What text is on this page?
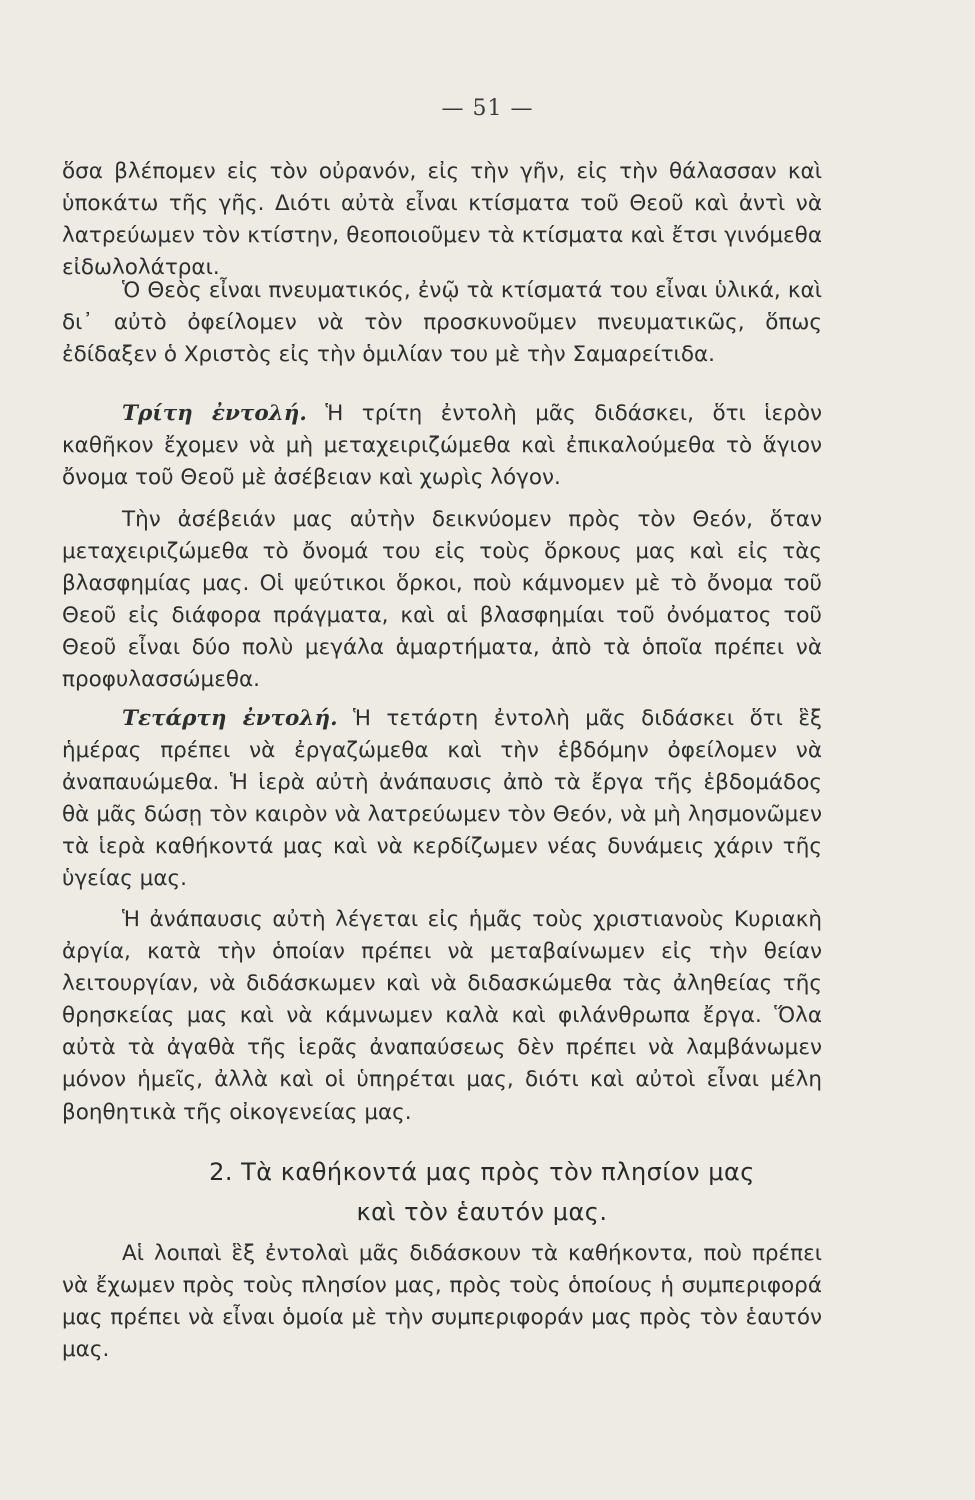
— 51 —

ὅσα βλέπομεν εἰς τὸν οὐρανόν, εἰς τὴν γῆν, εἰς τὴν θάλασσαν καὶ ὑποκάτω τῆς γῆς. Διότι αὐτὰ εἶναι κτίσματα τοῦ Θεοῦ καὶ ἀντὶ νὰ λατρεύωμεν τὸν κτίστην, θεοποιοῦμεν τὰ κτίσματα καὶ ἔτσι γινόμεθα εἰδωλολάτραι.

Ὁ Θεὸς εἶναι πνευματικός, ἐνῷ τὰ κτίσματά του εἶναι ὑλικά, καὶ δι᾽ αὐτὸ ὀφείλομεν νὰ τὸν προσκυνοῦμεν πνευματικῶς, ὅπως ἐδίδαξεν ὁ Χριστὸς εἰς τὴν ὁμιλίαν του μὲ τὴν Σαμαρείτιδα.

Τρίτη ἐντολή. Ἡ τρίτη ἐντολὴ μᾶς διδάσκει, ὅτι ἱερὸν καθῆκον ἔχομεν νὰ μὴ μεταχειριζώμεθα καὶ ἐπικαλούμεθα τὸ ἅγιον ὄνομα τοῦ Θεοῦ μὲ ἀσέβειαν καὶ χωρὶς λόγον.

Τὴν ἀσέβειάν μας αὐτὴν δεικνύομεν πρὸς τὸν Θεόν, ὅταν μεταχειριζώμεθα τὸ ὄνομά του εἰς τοὺς ὅρκους μας καὶ εἰς τὰς βλασφημίας μας. Οἱ ψεύτικοι ὅρκοι, ποὺ κάμνομεν μὲ τὸ ὄνομα τοῦ Θεοῦ εἰς διάφορα πράγματα, καὶ αἱ βλασφημίαι τοῦ ὀνόματος τοῦ Θεοῦ εἶναι δύο πολὺ μεγάλα ἁμαρτήματα, ἀπὸ τὰ ὁποῖα πρέπει νὰ προφυλασσώμεθα.

Τετάρτη ἐντολή. Ἡ τετάρτη ἐντολὴ μᾶς διδάσκει ὅτι ἓξ ἡμέρας πρέπει νὰ ἐργαζώμεθα καὶ τὴν ἑβδόμην ὀφείλομεν νὰ ἀναπαυώμεθα. Ἡ ἱερὰ αὐτὴ ἀνάπαυσις ἀπὸ τὰ ἔργα τῆς ἑβδομάδος θὰ μᾶς δώσῃ τὸν καιρὸν νὰ λατρεύωμεν τὸν Θεόν, νὰ μὴ λησμονῶμεν τὰ ἱερὰ καθήκοντά μας καὶ νὰ κερδίζωμεν νέας δυνάμεις χάριν τῆς ὑγείας μας.

Ἡ ἀνάπαυσις αὐτὴ λέγεται εἰς ἡμᾶς τοὺς χριστιανοὺς Κυριακὴ ἀργία, κατὰ τὴν ὁποίαν πρέπει νὰ μεταβαίνωμεν εἰς τὴν θείαν λειτουργίαν, νὰ διδάσκωμεν καὶ νὰ διδασκώμεθα τὰς ἀληθείας τῆς θρησκείας μας καὶ νὰ κάμνωμεν καλὰ καὶ φιλάνθρωπα ἔργα. Ὅλα αὐτὰ τὰ ἀγαθὰ τῆς ἱερᾶς ἀναπαύσεως δὲν πρέπει νὰ λαμβάνωμεν μόνον ἡμεῖς, ἀλλὰ καὶ οἱ ὑπηρέται μας, διότι καὶ αὐτοὶ εἶναι μέλη βοηθητικὰ τῆς οἰκογενείας μας.

2. Τὰ καθήκοντά μας πρὸς τὸν πλησίον μας
καὶ τὸν ἑαυτόν μας.

Αἱ λοιπαὶ ἓξ ἐντολαὶ μᾶς διδάσκουν τὰ καθήκοντα, ποὺ πρέπει νὰ ἔχωμεν πρὸς τοὺς πλησίον μας, πρὸς τοὺς ὁποίους ἡ συμπεριφορά μας πρέπει νὰ εἶναι ὁμοία μὲ τὴν συμπεριφοράν μας πρὸς τὸν ἑαυτόν μας.
